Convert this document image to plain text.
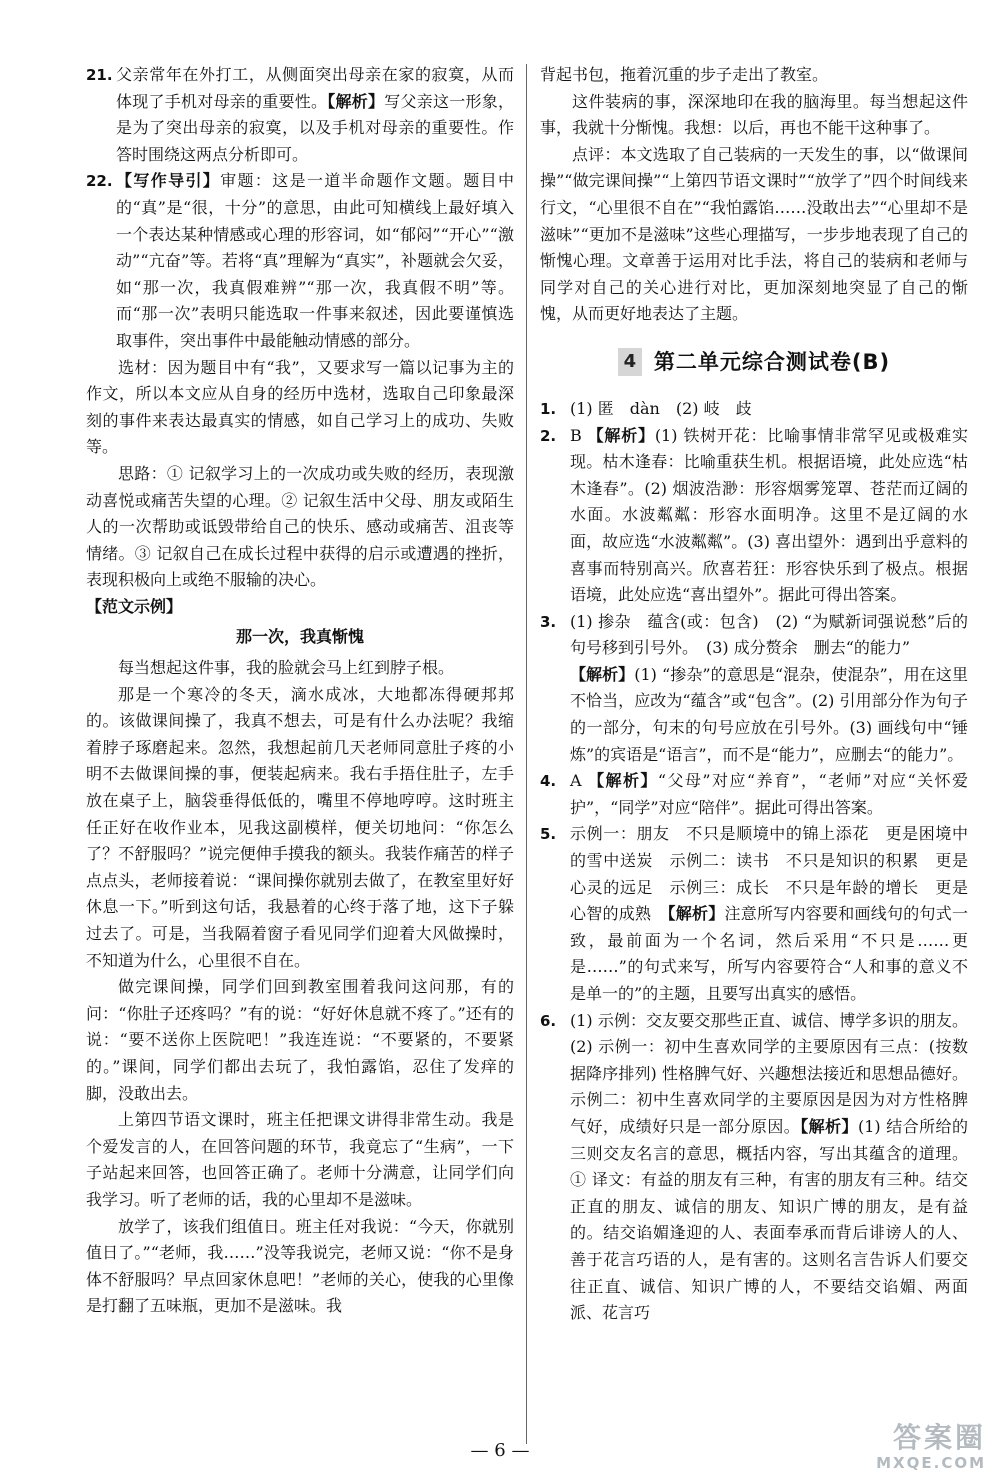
21. 父亲常年在外打工，从侧面突出母亲在家的寂寞，从而体现了手机对母亲的重要性。【解析】写父亲这一形象，是为了突出母亲的寂寞，以及手机对母亲的重要性。作答时围绕这两点分析即可。

22. 【写作导引】审题：这是一道半命题作文题。题目中的“真”是“很，十分”的意思，由此可知横线上最好填入一个表达某种情感或心理的形容词，如“郁闷”“开心”“激动”“亢奋”等。若将“真”理解为“真实”，补题就会欠妥，如“那一次，我真假难辨”“那一次，我真假不明”等。而“那一次”表明只能选取一件事来叙述，因此要谨慎选取事件，突出事件中最能触动情感的部分。

选材：因为题目中有“我”，又要求写一篇以记事为主的作文，所以本文应从自身的经历中选材，选取自己印象最深刻的事件来表达最真实的情感，如自己学习上的成功、失败等。

思路：① 记叙学习上的一次成功或失败的经历，表现激动喜悦或痛苦失望的心理。② 记叙生活中父母、朋友或陌生人的一次帮助或诋毁带给自己的快乐、感动或痛苦、沮丧等情绪。③ 记叙自己在成长过程中获得的启示或遭遇的挫折，表现积极向上或绝不服输的决心。

【范文示例】

那一次，我真惭愧

每当想起这件事，我的脸就会马上红到脖子根。

那是一个寒冷的冬天，滴水成冰，大地都冻得硬邦邦的。该做课间操了，我真不想去，可是有什么办法呢？我缩着脖子琢磨起来。忽然，我想起前几天老师同意肚子疼的小明不去做课间操的事，便装起病来。我右手捂住肚子，左手放在桌子上，脑袋垂得低低的，嘴里不停地哼哼。这时班主任正好在收作业本，见我这副模样，便关切地问：“你怎么了？不舒服吗？”说完便伸手摸我的额头。我装作痛苦的样子点点头，老师接着说：“课间操你就别去做了，在教室里好好休息一下。”听到这句话，我悬着的心终于落了地，这下子躲过去了。可是，当我隔着窗子看见同学们迎着大风做操时，不知道为什么，心里很不自在。

做完课间操，同学们回到教室围着我问这问那，有的问：“你肚子还疼吗？”有的说：“好好休息就不疼了。”还有的说：“要不送你上医院吧！”我连连说：“不要紧的，不要紧的。”课间，同学们都出去玩了，我怕露馅，忍住了发痒的脚，没敢出去。

上第四节语文课时，班主任把课文讲得非常生动。我是个爱发言的人，在回答问题的环节，我竟忘了“生病”，一下子站起来回答，也回答正确了。老师十分满意，让同学们向我学习。听了老师的话，我的心里却不是滋味。

放学了，该我们组值日。班主任对我说：“今天，你就别值日了。”“老师，我……”没等我说完，老师又说：“你不是身体不舒服吗？早点回家休息吧！”老师的关心，使我的心里像是打翻了五味瓶，更加不是滋味。我

背起书包，拖着沉重的步子走出了教室。

这件装病的事，深深地印在我的脑海里。每当想起这件事，我就十分惭愧。我想：以后，再也不能干这种事了。

点评：本文选取了自己装病的一天发生的事，以“做课间操”“做完课间操”“上第四节语文课时”“放学了”四个时间线来行文，“心里很不自在”“我怕露馅……没敢出去”“心里却不是滋味”“更加不是滋味”这些心理描写，一步步地表现了自己的惭愧心理。文章善于运用对比手法，将自己的装病和老师与同学对自己的关心进行对比，更加深刻地突显了自己的惭愧，从而更好地表达了主题。

4 第二单元综合测试卷(B)

1. (1) 匿　dàn　(2) 岐　歧

2. B 【解析】(1) 铁树开花：比喻事情非常罕见或极难实现。枯木逢春：比喻重获生机。根据语境，此处应选“枯木逢春”。(2) 烟波浩渺：形容烟雾笼罩、苍茫而辽阔的水面。水波粼粼：形容水面明净。这里不是辽阔的水面，故应选“水波粼粼”。(3) 喜出望外：遇到出乎意料的喜事而特别高兴。欣喜若狂：形容快乐到了极点。根据语境，此处应选“喜出望外”。据此可得出答案。

3. (1) 掺杂　蕴含(或：包含)　(2) “为赋新词强说愁”后的句号移到引号外。　(3) 成分赘余　删去“的能力”
【解析】(1) “掺杂”的意思是“混杂，使混杂”，用在这里不恰当，应改为“蕴含”或“包含”。(2) 引用部分作为句子的一部分，句末的句号应放在引号外。(3) 画线句中“锤炼”的宾语是“语言”，而不是“能力”，应删去“的能力”。

4. A 【解析】“父母”对应“养育”，“老师”对应“关怀爱护”，“同学”对应“陪伴”。据此可得出答案。

5. 示例一：朋友　不只是顺境中的锦上添花　更是困境中的雪中送炭　示例二：读书　不只是知识的积累　更是心灵的远足　示例三：成长　不只是年龄的增长　更是心智的成熟　 【解析】注意所写内容要和画线句的句式一致，最前面为一个名词，然后采用“不只是……更是……”的句式来写，所写内容要符合“人和事的意义不是单一的”的主题，且要写出真实的感悟。

6. (1) 示例：交友要交那些正直、诚信、博学多识的朋友。(2) 示例一：初中生喜欢同学的主要原因有三点：(按数据降序排列) 性格脾气好、兴趣想法接近和思想品德好。示例二：初中生喜欢同学的主要原因是因为对方性格脾气好，成绩好只是一部分原因。【解析】(1) 结合所给的三则交友名言的意思，概括内容，写出其蕴含的道理。① 译文：有益的朋友有三种，有害的朋友有三种。结交正直的朋友、诚信的朋友、知识广博的朋友，是有益的。结交谄媚逢迎的人、表面奉承而背后诽谤人的人、善于花言巧语的人，是有害的。这则名言告诉人们要交往正直、诚信、知识广博的人，不要结交谄媚、两面派、花言巧

— 6 —	答案圈
MXQE.COM
